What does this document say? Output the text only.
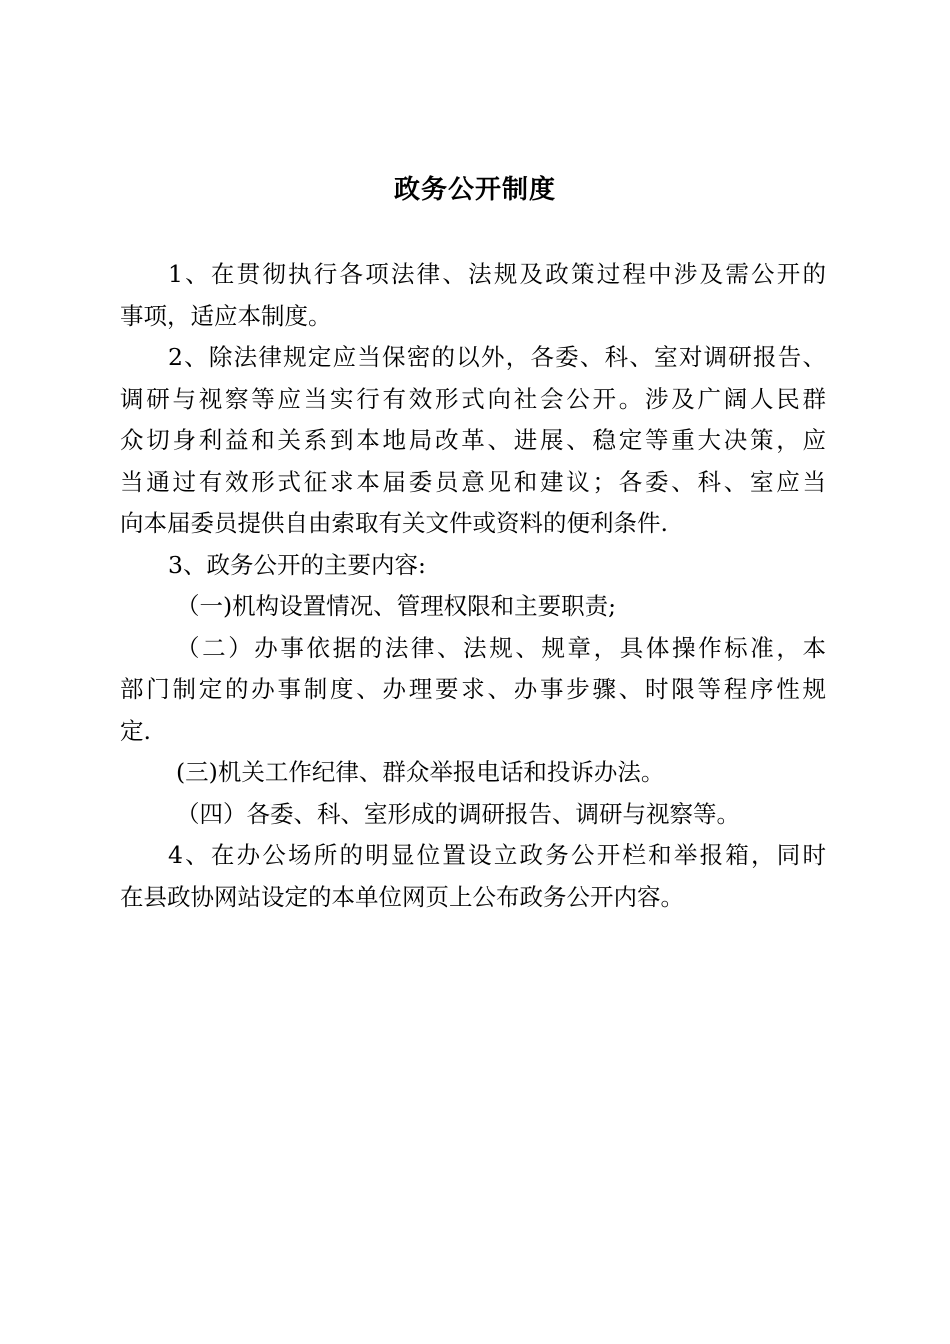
政务公开制度
1、在贯彻执行各项法律、法规及政策过程中涉及需公开的
事项，适应本制度。
2、除法律规定应当保密的以外，各委、科、室对调研报告、
调研与视察等应当实行有效形式向社会公开。涉及广阔人民群
众切身利益和关系到本地局改革、进展、稳定等重大决策，应
当通过有效形式征求本届委员意见和建议；各委、科、室应当
向本届委员提供自由索取有关文件或资料的便利条件.
3、政务公开的主要内容:
（一)机构设置情况、管理权限和主要职责;
（二）办事依据的法律、法规、规章，具体操作标准，本
部门制定的办事制度、办理要求、办事步骤、时限等程序性规
定.
(三)机关工作纪律、群众举报电话和投诉办法。
（四）各委、科、室形成的调研报告、调研与视察等。
4、在办公场所的明显位置设立政务公开栏和举报箱，同时
在县政协网站设定的本单位网页上公布政务公开内容。
